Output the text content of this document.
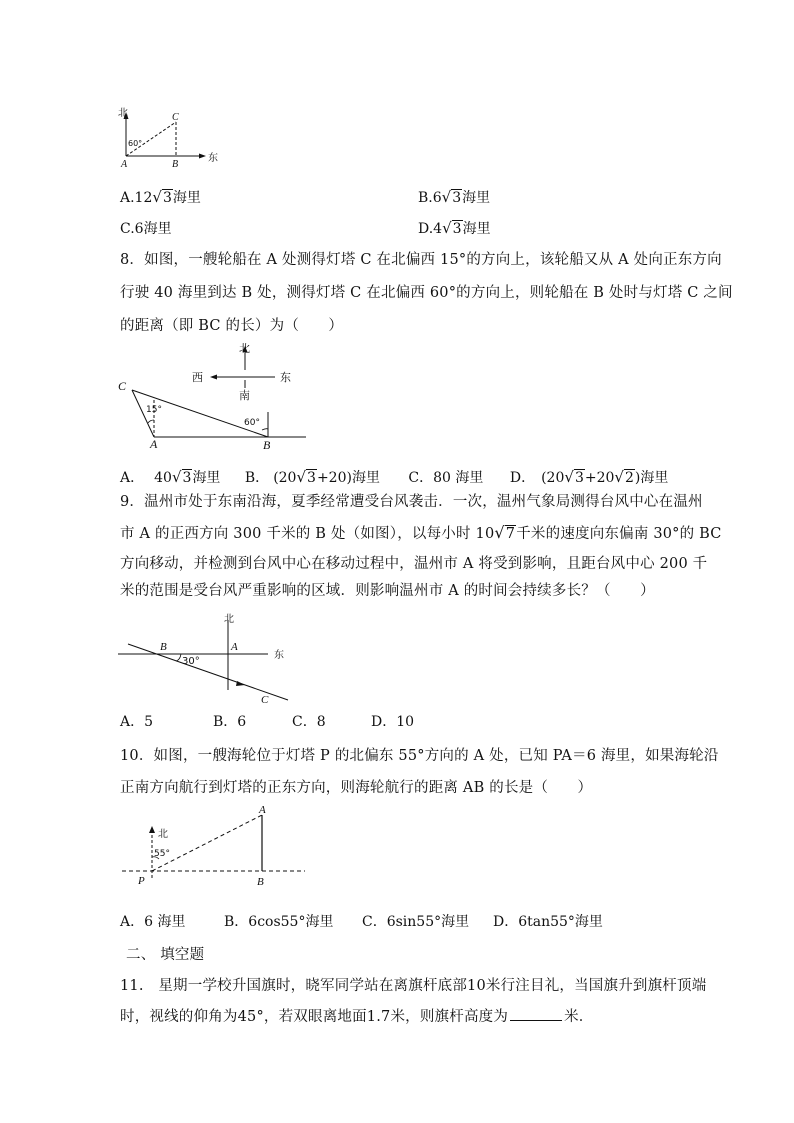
北
东
60°
A	B
C
A.12√3海里	B.6√3海里
C.6海里	D.4√3海里
8．如图，一艘轮船在 A 处测得灯塔 C 在北偏西 15°的方向上，该轮船又从 A 处向正东方向
行驶 40 海里到达 B 处，测得灯塔 C 在北偏西 60°的方向上，则轮船在 B 处时与灯塔 C 之间
的距离（即 BC 的长）为（　　）
北
西	东
南
15°
60°
C
A	B
A． 40√3海里 B． (20√3+20)海里 C．80 海里 D． (20√3+20√2)海里
9．温州市处于东南沿海，夏季经常遭受台风袭击．一次，温州气象局测得台风中心在温州
市 A 的正西方向 300 千米的 B 处（如图），以每小时 10√7千米的速度向东偏南 30°的 BC
方向移动，并检测到台风中心在移动过程中，温州市 A 将受到影响，且距台风中心 200 千
米的范围是受台风严重影响的区域．则影响温州市 A 的时间会持续多长？（　　）
北
东
30°
B	A
C
A．5	B．6	C．8	D．10
10．如图，一艘海轮位于灯塔 P 的北偏东 55°方向的 A 处，已知 PA＝6 海里，如果海轮沿
正南方向航行到灯塔的正东方向，则海轮航行的距离 AB 的长是（　　）
北
55°
P
A
B
A．6 海里	B．6cos55°海里 C．6sin55°海里 D．6tan55°海里
二、 填空题
11.　星期一学校升国旗时，晓军同学站在离旗杆底部10米行注目礼，当国旗升到旗杆顶端
时，视线的仰角为45°，若双眼离地面1.7米，则旗杆高度为	米．
